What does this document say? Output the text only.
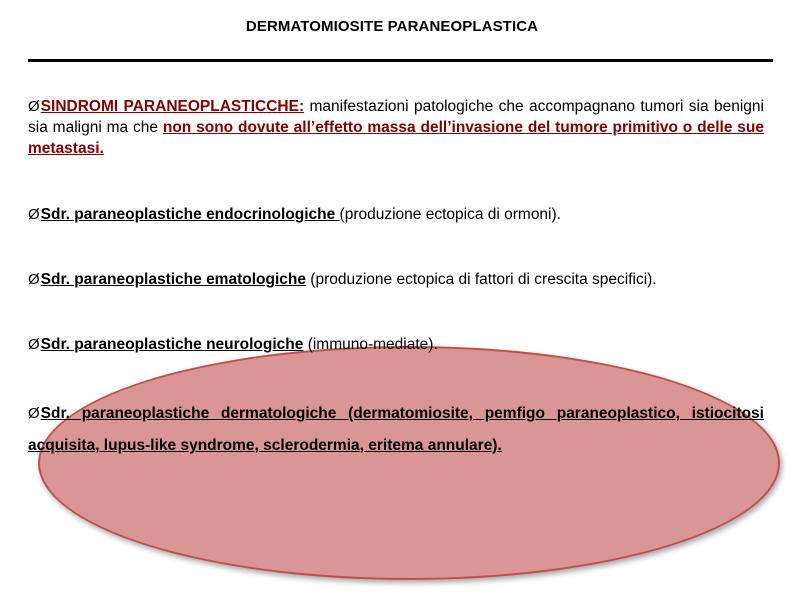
DERMATOMIOSITE PARANEOPLASTICA
ØSINDROMI PARANEOPLASTICCHE: manifestazioni patologiche che accompagnano tumori sia benigni sia maligni ma che non sono dovute all’effetto massa dell’invasione del tumore primitivo o delle sue metastasi.
ØSdr. paraneoplastiche endocrinologiche (produzione ectopica di ormoni).
ØSdr. paraneoplastiche ematologiche (produzione ectopica di fattori di crescita specifici).
ØSdr. paraneoplastiche neurologiche (immuno-mediate).
ØSdr. paraneoplastiche dermatologiche (dermatomiosite, pemfigo paraneoplastico, istiocitosi acquisita, lupus-like syndrome, sclerodermia, eritema annulare).
